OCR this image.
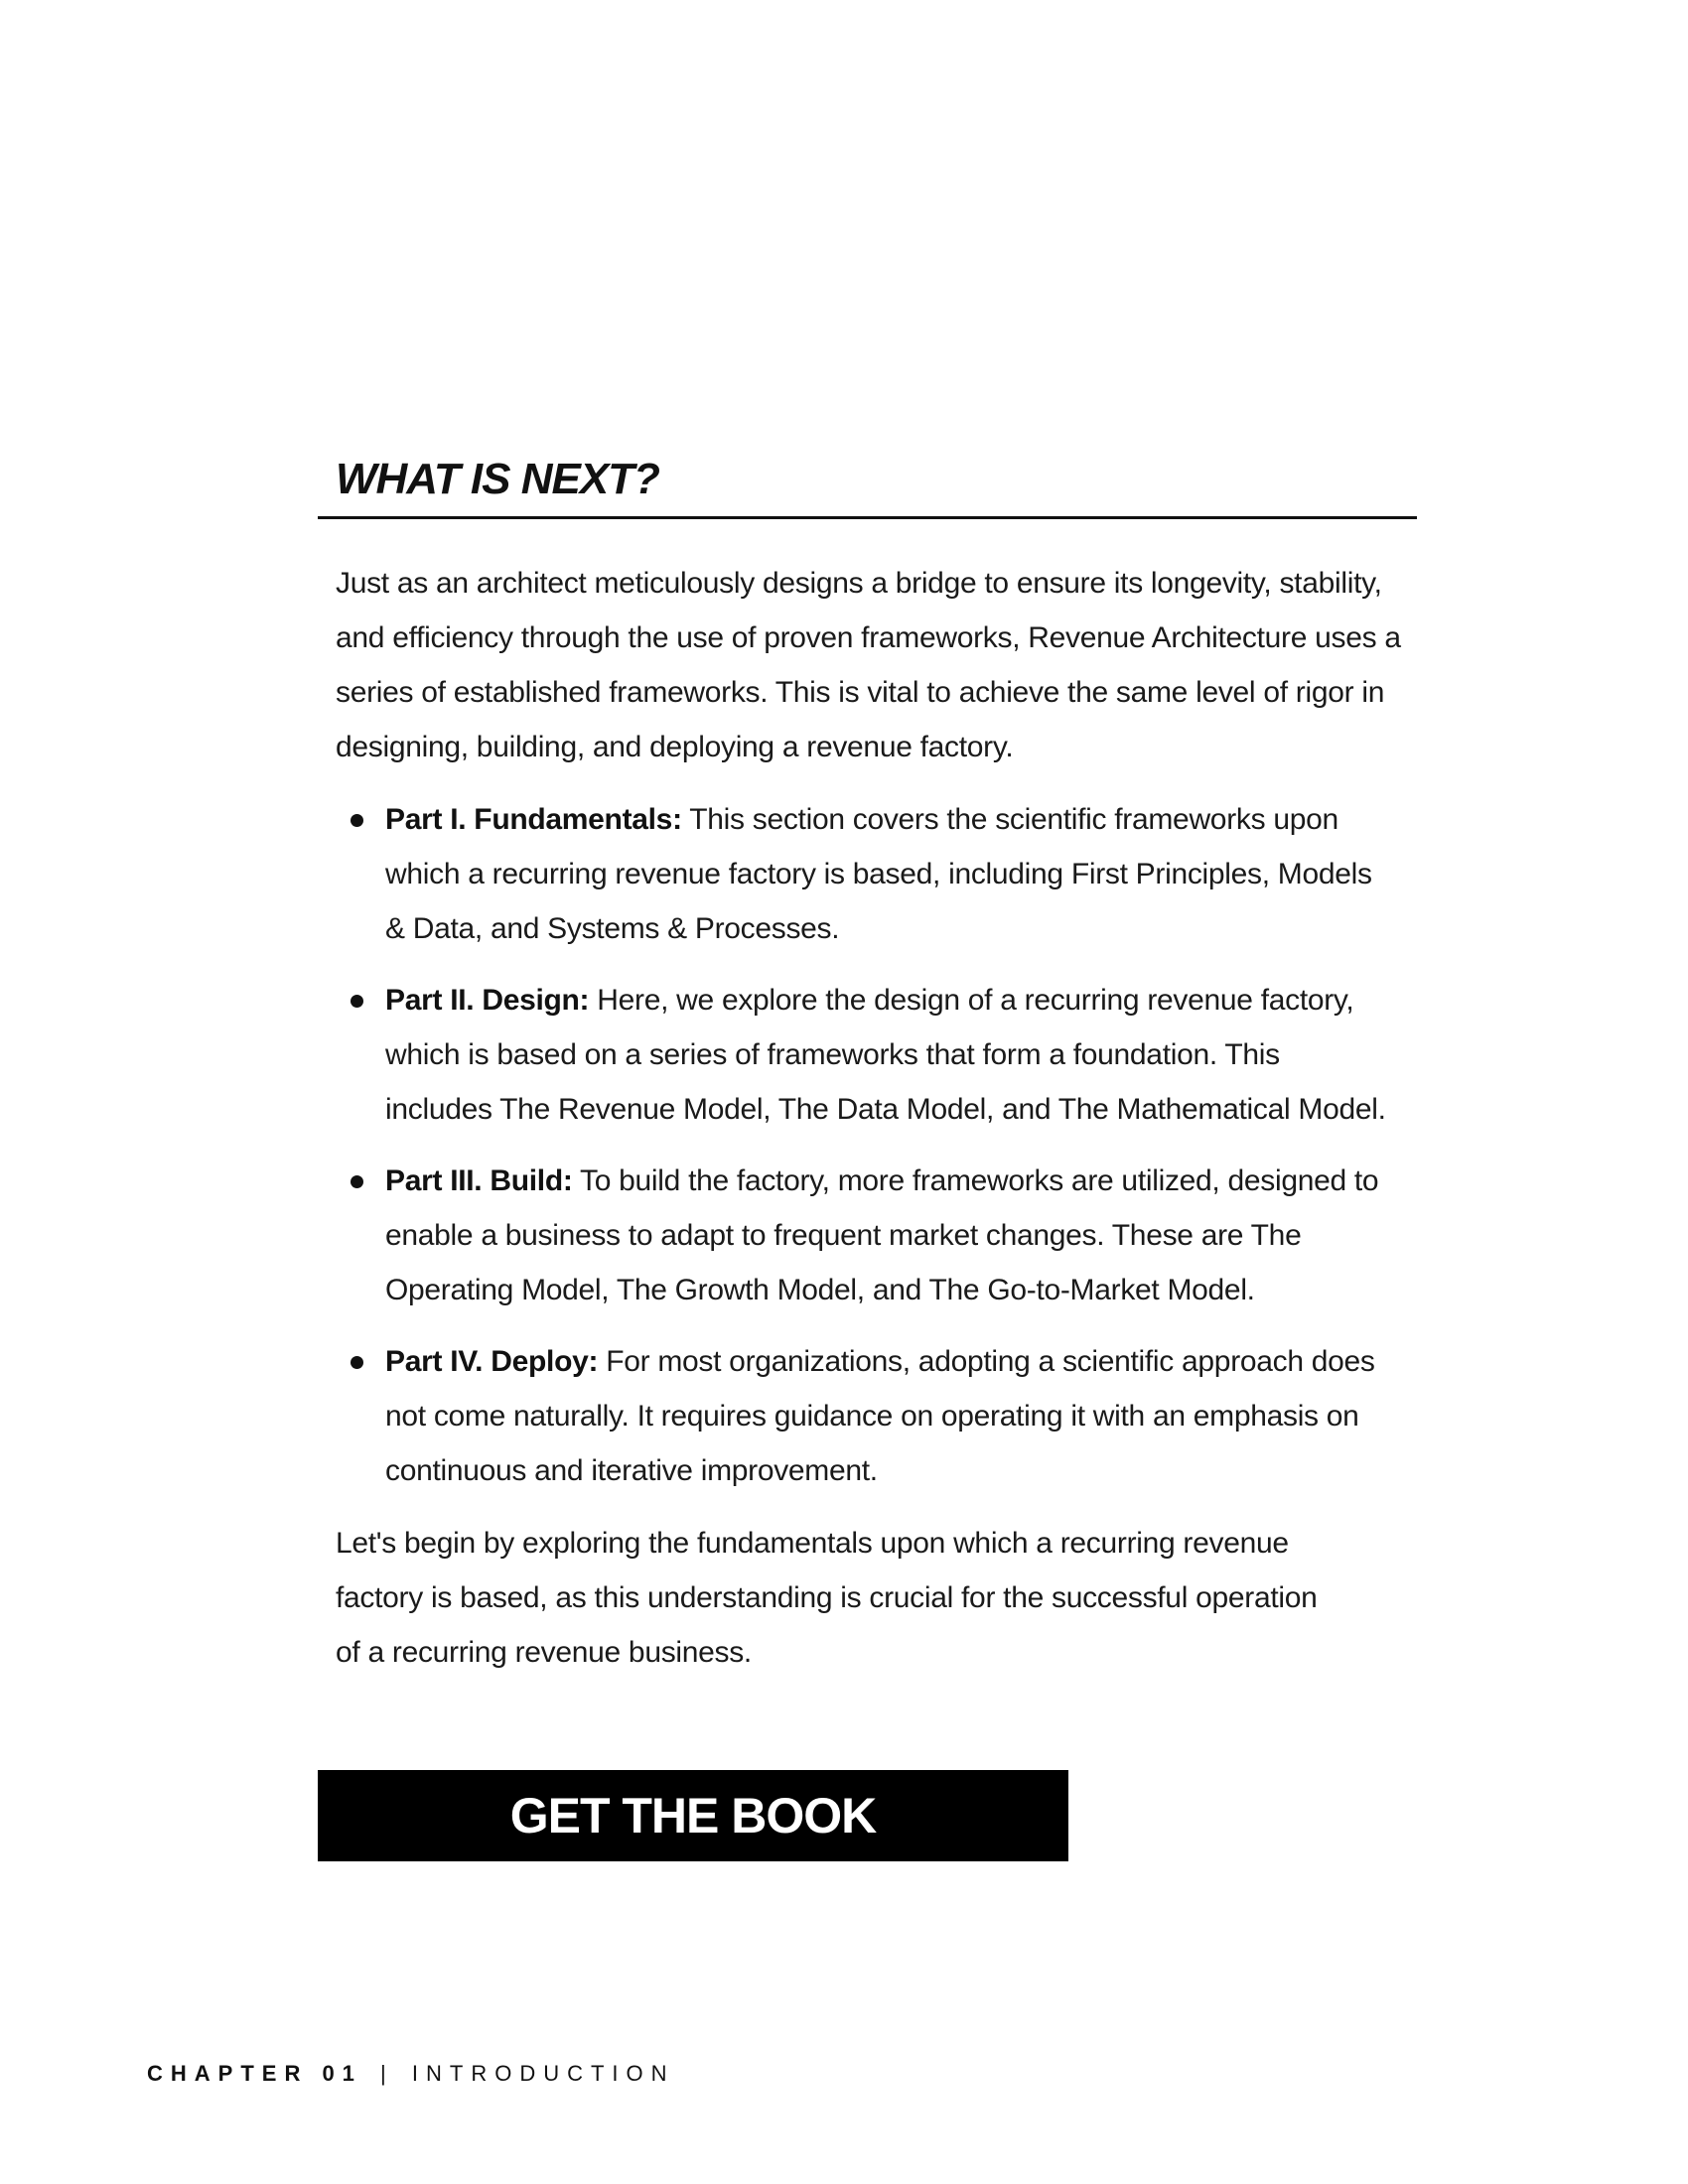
WHAT IS NEXT?

Just as an architect meticulously designs a bridge to ensure its longevity, stability,
and efficiency through the use of proven frameworks, Revenue Architecture uses a
series of established frameworks. This is vital to achieve the same level of rigor in
designing, building, and deploying a revenue factory.

Part I. Fundamentals: This section covers the scientific frameworks upon
which a recurring revenue factory is based, including First Principles, Models
& Data, and Systems & Processes.
Part II. Design: Here, we explore the design of a recurring revenue factory,
which is based on a series of frameworks that form a foundation. This
includes The Revenue Model, The Data Model, and The Mathematical Model.
Part III. Build: To build the factory, more frameworks are utilized, designed to
enable a business to adapt to frequent market changes. These are The
Operating Model, The Growth Model, and The Go-to-Market Model.
Part IV. Deploy: For most organizations, adopting a scientific approach does
not come naturally. It requires guidance on operating it with an emphasis on
continuous and iterative improvement.

Let's begin by exploring the fundamentals upon which a recurring revenue
factory is based, as this understanding is crucial for the successful operation
of a recurring revenue business.

GET THE BOOK
CHAPTER 01 | INTRODUCTION
